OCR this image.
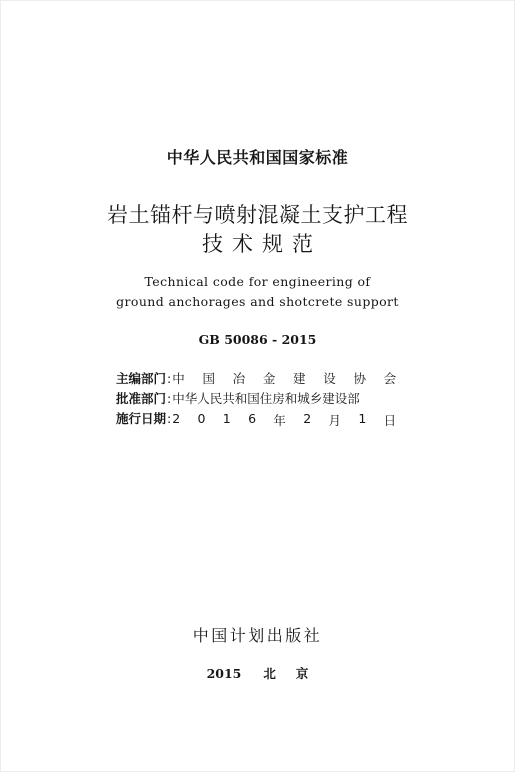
中华人民共和国国家标准
岩土锚杆与喷射混凝土支护工程
技术规范
Technical code for engineering of
ground anchorages and shotcrete support
GB 50086 - 2015
主编部门 : 中 国 冶 金 建 设 协 会
批准部门 : 中华人民共和国住房和城乡建设部
施行日期 : 2 0 1 6 年 2 月 1 日
中国计划出版社
2015 北 京
